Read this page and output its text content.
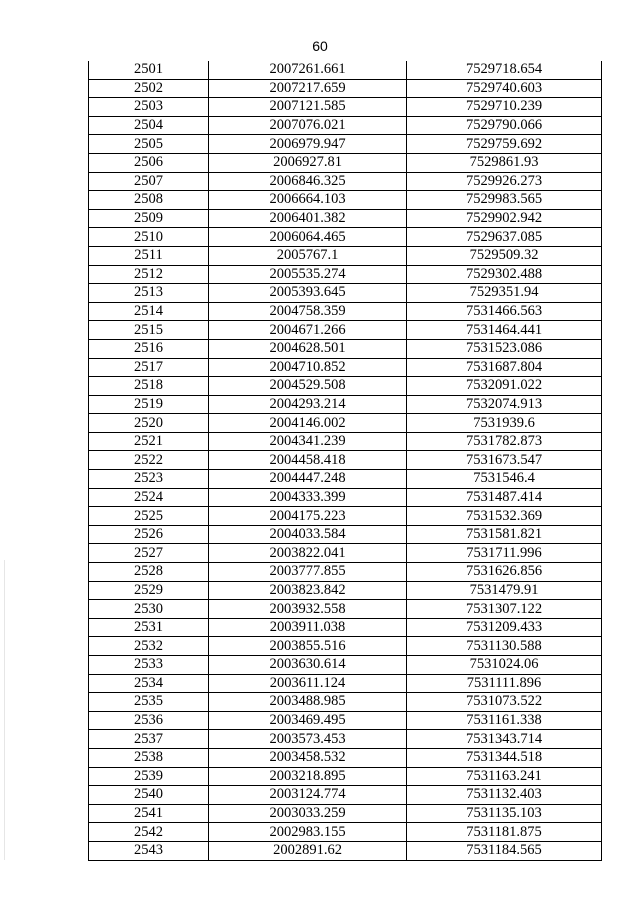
60
2501	2007261.661	7529718.654
2502	2007217.659	7529740.603
2503	2007121.585	7529710.239
2504	2007076.021	7529790.066
2505	2006979.947	7529759.692
2506	2006927.81	7529861.93
2507	2006846.325	7529926.273
2508	2006664.103	7529983.565
2509	2006401.382	7529902.942
2510	2006064.465	7529637.085
2511	2005767.1	7529509.32
2512	2005535.274	7529302.488
2513	2005393.645	7529351.94
2514	2004758.359	7531466.563
2515	2004671.266	7531464.441
2516	2004628.501	7531523.086
2517	2004710.852	7531687.804
2518	2004529.508	7532091.022
2519	2004293.214	7532074.913
2520	2004146.002	7531939.6
2521	2004341.239	7531782.873
2522	2004458.418	7531673.547
2523	2004447.248	7531546.4
2524	2004333.399	7531487.414
2525	2004175.223	7531532.369
2526	2004033.584	7531581.821
2527	2003822.041	7531711.996
2528	2003777.855	7531626.856
2529	2003823.842	7531479.91
2530	2003932.558	7531307.122
2531	2003911.038	7531209.433
2532	2003855.516	7531130.588
2533	2003630.614	7531024.06
2534	2003611.124	7531111.896
2535	2003488.985	7531073.522
2536	2003469.495	7531161.338
2537	2003573.453	7531343.714
2538	2003458.532	7531344.518
2539	2003218.895	7531163.241
2540	2003124.774	7531132.403
2541	2003033.259	7531135.103
2542	2002983.155	7531181.875
2543	2002891.62	7531184.565
